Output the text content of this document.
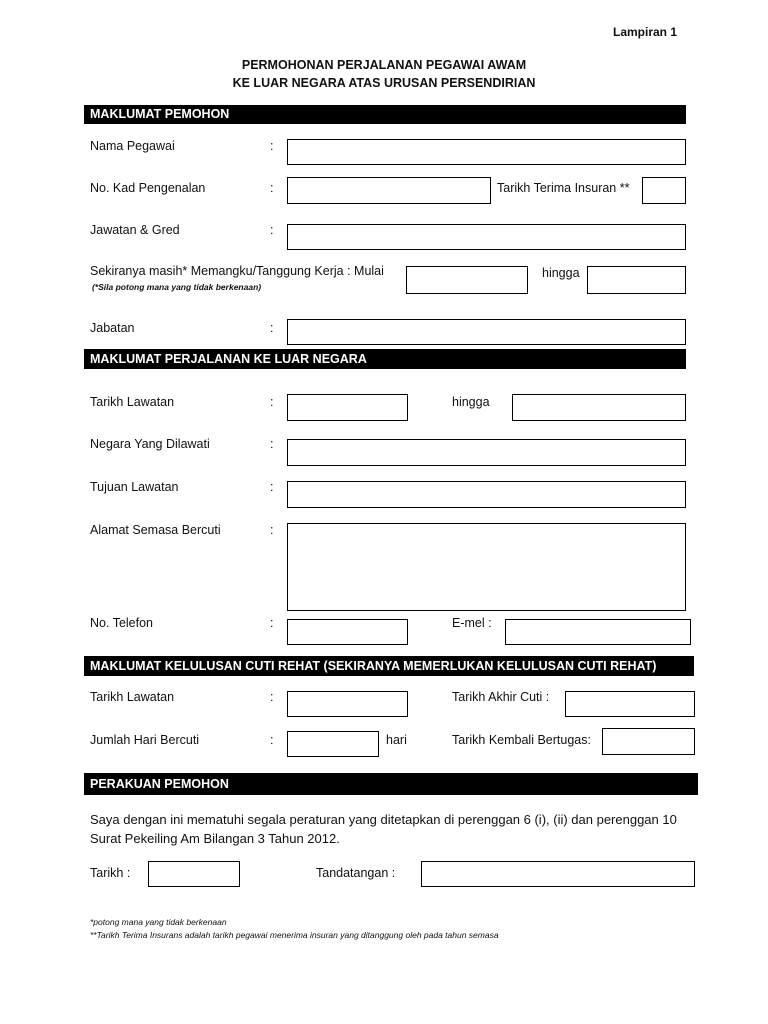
Lampiran 1
PERMOHONAN PERJALANAN PEGAWAI AWAM
KE LUAR NEGARA ATAS URUSAN PERSENDIRIAN
MAKLUMAT PEMOHON
Nama Pegawai	:
No. Kad Pengenalan	:	Tarikh Terima Insuran **
Jawatan & Gred	:
Sekiranya masih* Memangku/Tanggung Kerja : Mulai
(*Sila potong mana yang tidak berkenaan)
hingga
Jabatan	:
MAKLUMAT PERJALANAN KE LUAR NEGARA
Tarikh Lawatan	:	hingga
Negara Yang Dilawati	:
Tujuan Lawatan	:
Alamat Semasa Bercuti	:
No. Telefon	:	E-mel :
MAKLUMAT KELULUSAN CUTI REHAT (SEKIRANYA MEMERLUKAN KELULUSAN CUTI REHAT)
Tarikh Lawatan	:	Tarikh Akhir Cuti :
Jumlah Hari Bercuti	:	hari	Tarikh Kembali Bertugas:
PERAKUAN PEMOHON
Saya dengan ini mematuhi segala peraturan yang ditetapkan di perenggan 6 (i), (ii) dan perenggan 10 Surat Pekeiling Am Bilangan 3 Tahun 2012.
Tarikh :	Tandatangan :
*potong mana yang tidak berkenaan
**Tarikh Terima Insurans adalah tarikh pegawai menerima insuran yang ditanggung oleh pada tahun semasa
